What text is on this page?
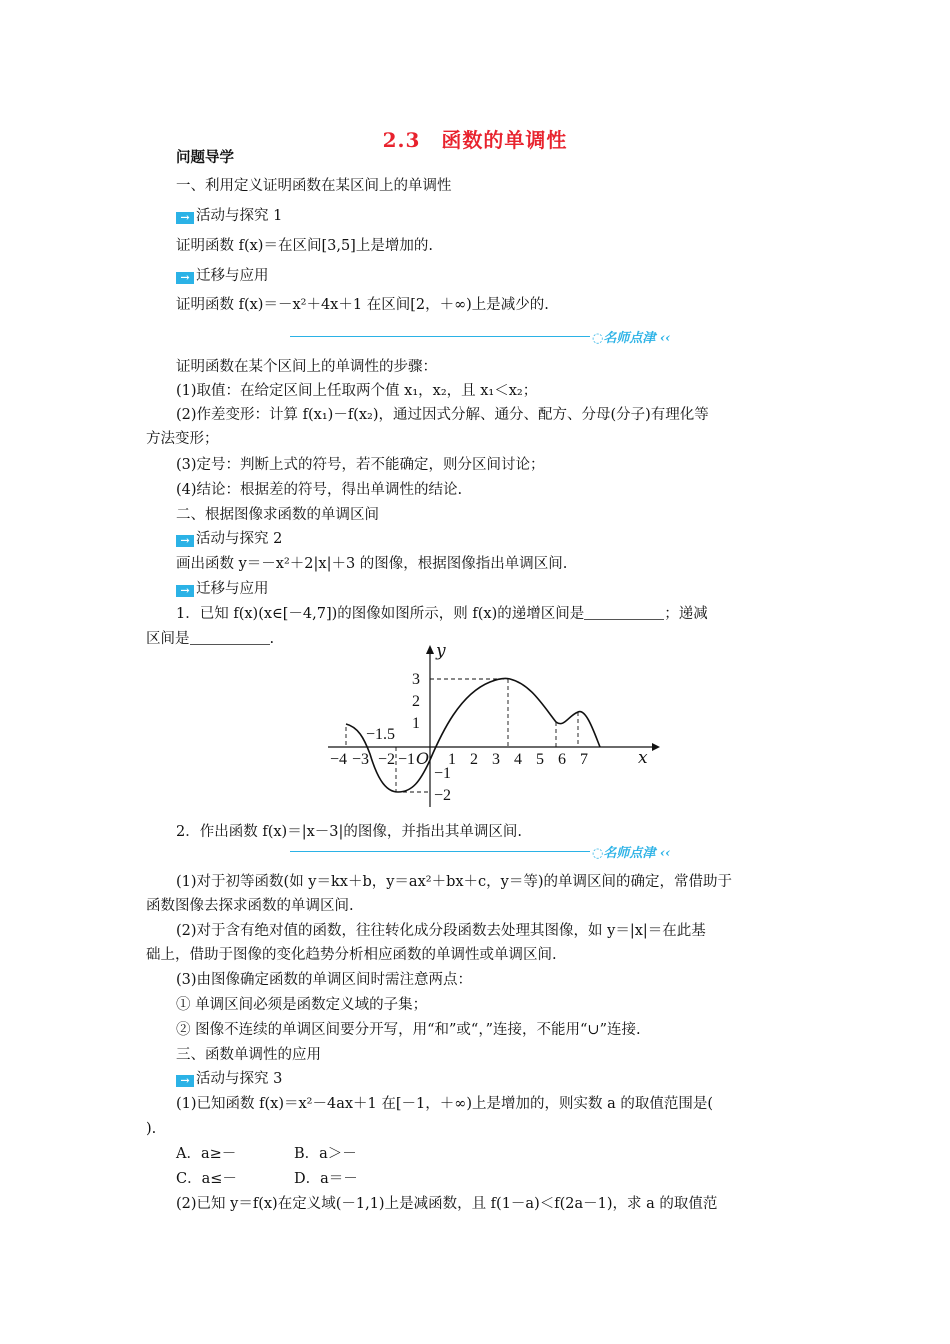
2.3　函数的单调性
问题导学
一、利用定义证明函数在某区间上的单调性
→ 活动与探究 1
证明函数 f(x)＝在区间[3,5]上是增加的.
→ 迁移与应用
证明函数 f(x)＝－x²＋4x＋1 在区间[2，＋∞)上是减少的.
◌名师点津 ‹‹
证明函数在某个区间上的单调性的步骤：
(1)取值：在给定区间上任取两个值 x₁，x₂，且 x₁＜x₂；
(2)作差变形：计算 f(x₁)－f(x₂)，通过因式分解、通分、配方、分母(分子)有理化等
方法变形；
(3)定号：判断上式的符号，若不能确定，则分区间讨论；
(4)结论：根据差的符号，得出单调性的结论.
二、根据图像求函数的单调区间
→ 活动与探究 2
画出函数 y＝－x²＋2|x|＋3 的图像，根据图像指出单调区间.
→ 迁移与应用
1．已知 f(x)(x∈[－4,7])的图像如图所示，则 f(x)的递增区间是	；递减
区间是	.
y
x
O
−4 −3 −2 −1 1 2 3 4 5 6 7
3
2
1
−1
−2
−1.5
2．作出函数 f(x)＝|x－3|的图像，并指出其单调区间.
◌名师点津 ‹‹
(1)对于初等函数(如 y＝kx＋b，y＝ax²＋bx＋c，y＝等)的单调区间的确定，常借助于
函数图像去探求函数的单调区间.
(2)对于含有绝对值的函数，往往转化成分段函数去处理其图像，如 y＝|x|＝在此基
础上，借助于图像的变化趋势分析相应函数的单调性或单调区间.
(3)由图像确定函数的单调区间时需注意两点：
① 单调区间必须是函数定义域的子集；
② 图像不连续的单调区间要分开写，用“和”或“，”连接，不能用“∪”连接.
三、函数单调性的应用
→ 活动与探究 3
(1)已知函数 f(x)＝x²－4ax＋1 在[－1，＋∞)上是增加的，则实数 a 的取值范围是(
).
A．a≥－	B．a＞－
C．a≤－	D．a＝－
(2)已知 y＝f(x)在定义域(－1,1)上是减函数，且 f(1－a)＜f(2a－1)，求 a 的取值范
